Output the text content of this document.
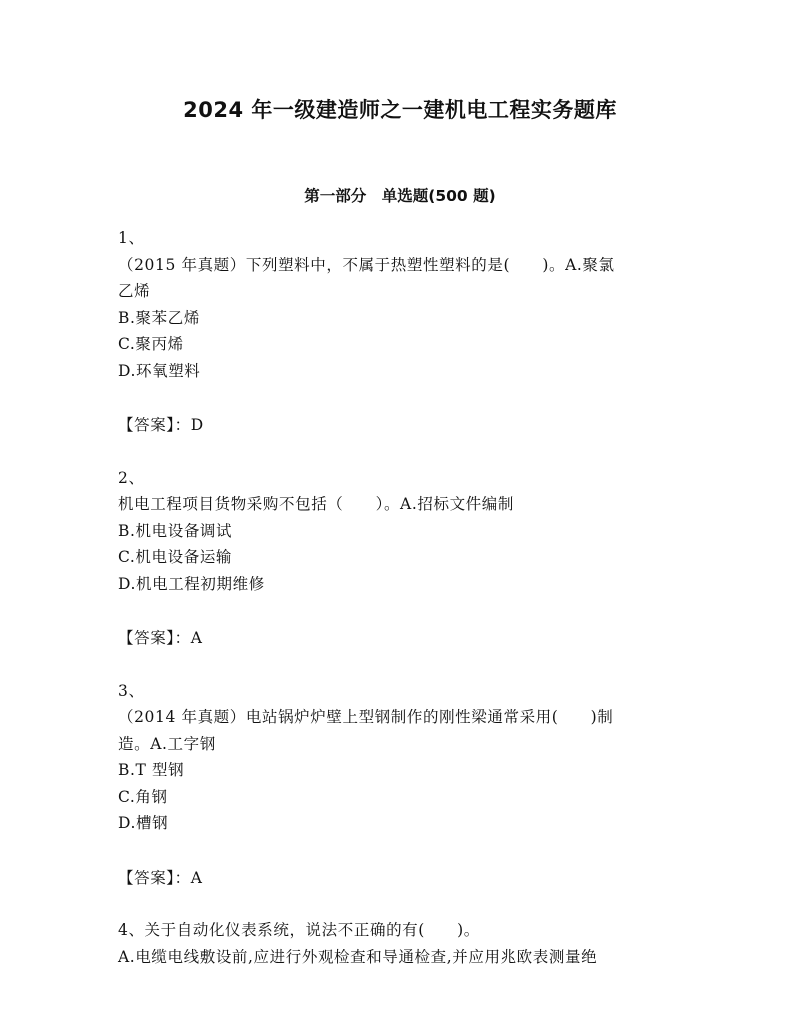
2024 年一级建造师之一建机电工程实务题库
第一部分　单选题(500 题)
1、
（2015 年真题）下列塑料中，不属于热塑性塑料的是(　　)。A.聚氯
乙烯
B.聚苯乙烯
C.聚丙烯
D.环氧塑料
【答案】：D
2、
机电工程项目货物采购不包括（　　）。A.招标文件编制
B.机电设备调试
C.机电设备运输
D.机电工程初期维修
【答案】：A
3、
（2014 年真题）电站锅炉炉壁上型钢制作的刚性梁通常采用(　　)制
造。A.工字钢
B.T 型钢
C.角钢
D.槽钢
【答案】：A
4、关于自动化仪表系统，说法不正确的有(　　)。
A.电缆电线敷设前,应进行外观检查和导通检查,并应用兆欧表测量绝
